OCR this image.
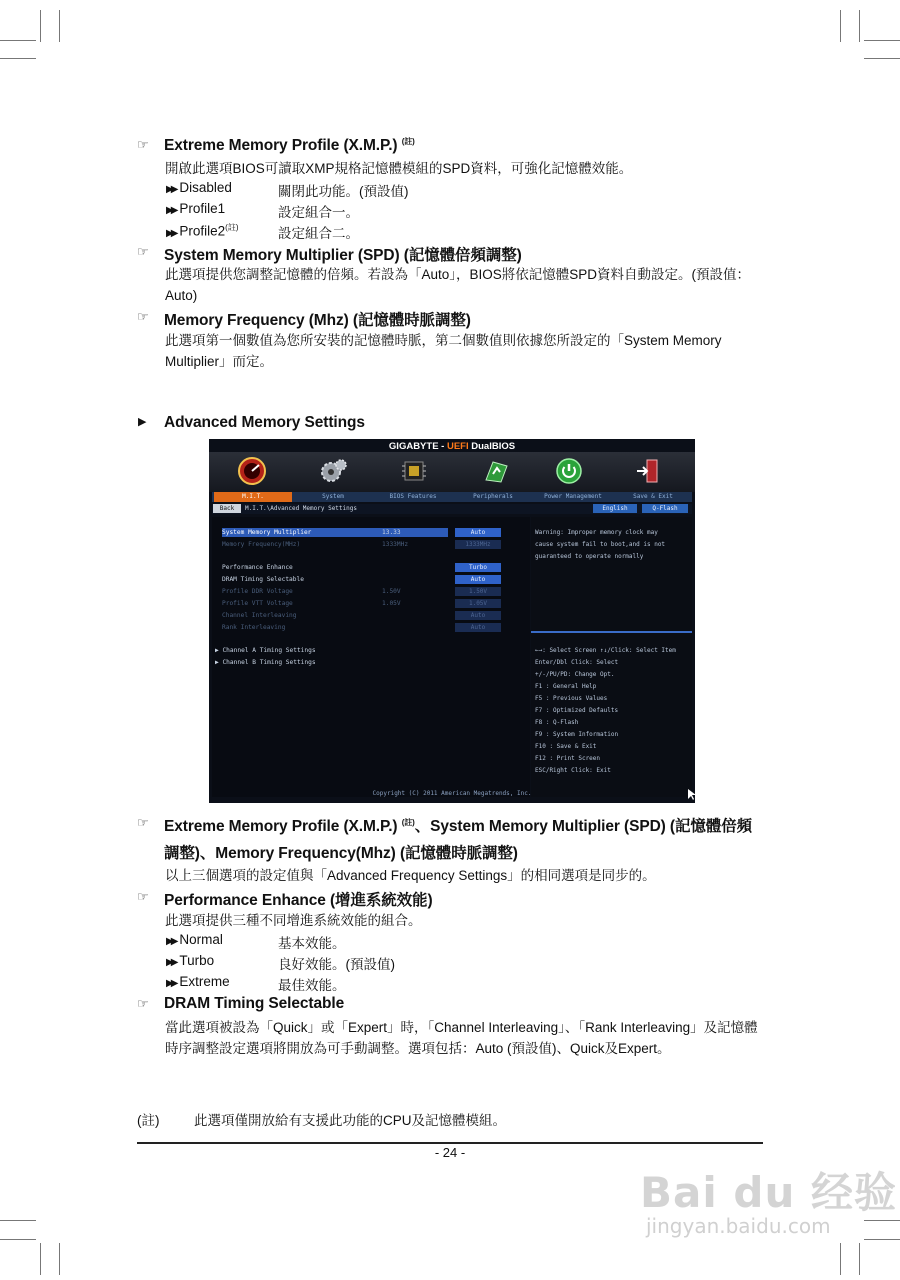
☞ Extreme Memory Profile (X.M.P.) $^{(註)}$
開啟此選項BIOS可讀取XMP規格記憶體模組的SPD資料，可強化記憶體效能。
▶▶ Disabled	關閉此功能。(預設值)
▶▶ Profile1	設定組合一。
▶▶ $Profile2^{(註)}$	設定組合二。
☞ System Memory Multiplier (SPD) (記憶體倍頻調整)
此選項提供您調整記憶體的倍頻。若設為「Auto」，BIOS將依記憶體SPD資料自動設定。(預設值：Auto)
☞ Memory Frequency (Mhz) (記憶體時脈調整)
此選項第一個數值為您所安裝的記憶體時脈，第二個數值則依據您所設定的「System Memory Multiplier」而定。
▶ Advanced Memory Settings
GIGABYTE - UEFI DualBIOS
M.I.T.	System	BIOS Features	Peripherals	Power Management	Save & Exit
Back	M.I.T.\Advanced Memory Settings	English	Q-Flash
System Memory Multiplier	13.33	Auto
Memory Frequency(MHz)	1333MHz	1333MHz
Performance Enhance	Turbo
DRAM Timing Selectable	Auto
Profile DDR Voltage	1.50V	1.50V
Profile VTT Voltage	1.05V	1.05V
Channel Interleaving	Auto
Rank Interleaving	Auto
▶ Channel A Timing Settings
▶ Channel B Timing Settings
Warning: Improper memory clock may
cause system fail to boot,and is not
guaranteed to operate normally
←→: Select Screen ↑↓/Click: Select Item
Enter/Dbl Click: Select
+/-/PU/PD: Change Opt.
F1 : General Help
F5 : Previous Values
F7 : Optimized Defaults
F8 : Q-Flash
F9 : System Information
F10 : Save & Exit
F12 : Print Screen
ESC/Right Click: Exit
Copyright (C) 2011 American Megatrends, Inc.
☞ Extreme Memory Profile (X.M.P.) $^{(註)}$、System Memory Multiplier (SPD) (記憶體倍頻
調整)、Memory Frequency(Mhz) (記憶體時脈調整)
以上三個選項的設定值與「Advanced Frequency Settings」的相同選項是同步的。
☞ Performance Enhance (增進系統效能)
此選項提供三種不同增進系統效能的組合。
▶▶ Normal	基本效能。
▶▶ Turbo	良好效能。(預設值)
▶▶ Extreme	最佳效能。
☞ DRAM Timing Selectable
當此選項被設為「Quick」或「Expert」時，「Channel Interleaving」、「Rank Interleaving」及記憶體時序調整設定選項將開放為可手動調整。選項包括：Auto (預設值)、Quick及Expert。
(註)	此選項僅開放給有支援此功能的CPU及記憶體模組。
- 24 -
Bai du 经验
jingyan.baidu.com
